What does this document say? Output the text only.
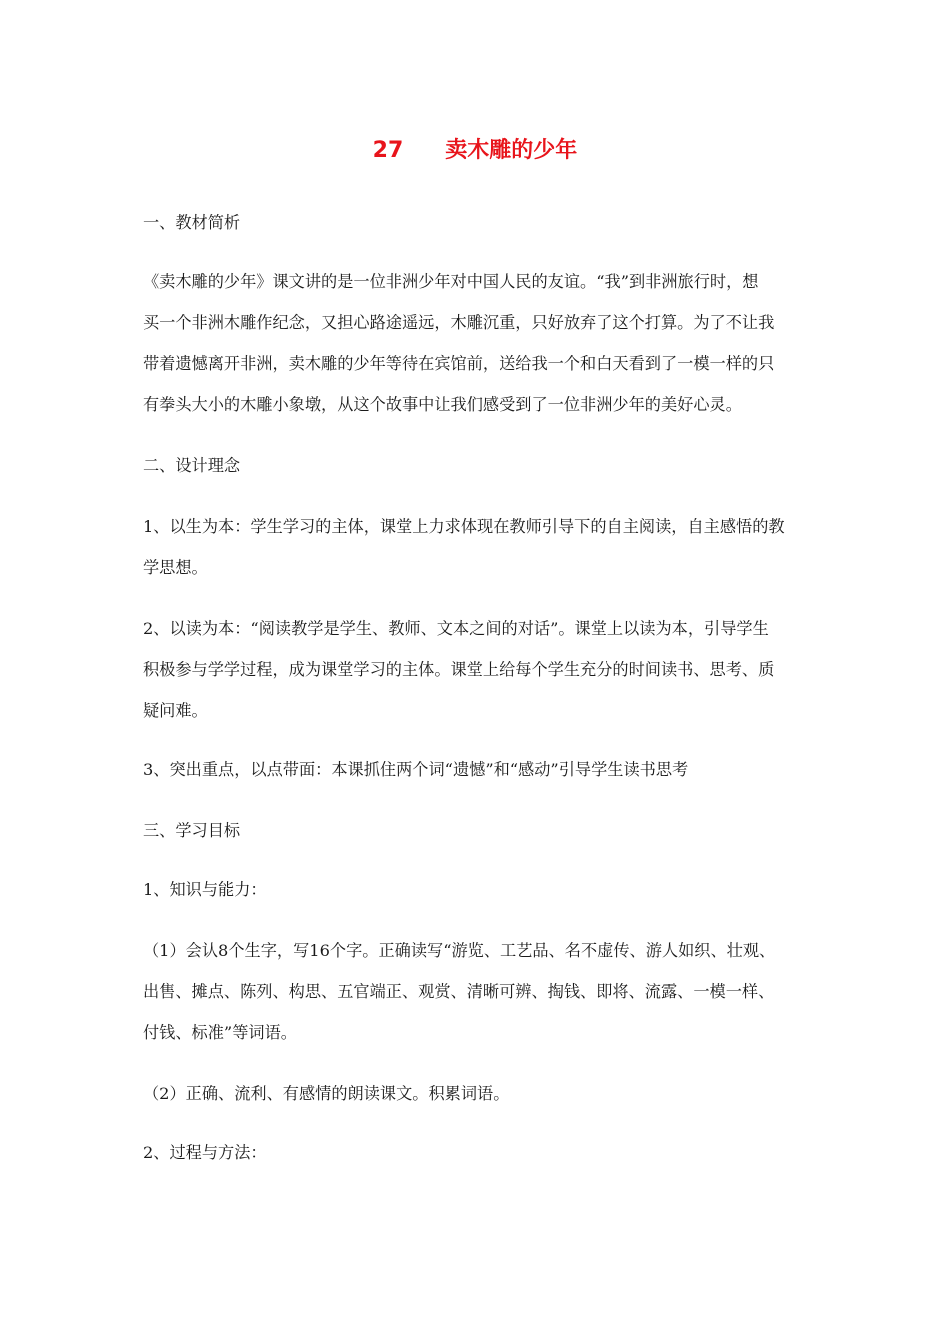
27 卖木雕的少年
一、教材简析
《卖木雕的少年》课文讲的是一位非洲少年对中国人民的友谊。“我”到非洲旅行时，想
买一个非洲木雕作纪念，又担心路途遥远，木雕沉重，只好放弃了这个打算。为了不让我
带着遗憾离开非洲，卖木雕的少年等待在宾馆前，送给我一个和白天看到了一模一样的只
有拳头大小的木雕小象墩，从这个故事中让我们感受到了一位非洲少年的美好心灵。
二、设计理念
1、以生为本：学生学习的主体，课堂上力求体现在教师引导下的自主阅读，自主感悟的教
学思想。
2、以读为本：“阅读教学是学生、教师、文本之间的对话”。课堂上以读为本，引导学生
积极参与学学过程，成为课堂学习的主体。课堂上给每个学生充分的时间读书、思考、质
疑问难。
3、突出重点，以点带面：本课抓住两个词“遗憾”和“感动”引导学生读书思考
三、学习目标
1、知识与能力：
（1）会认8个生字，写16个字。正确读写“游览、工艺品、名不虚传、游人如织、壮观、
出售、摊点、陈列、构思、五官端正、观赏、清晰可辨、掏钱、即将、流露、一模一样、
付钱、标准”等词语。
（2）正确、流利、有感情的朗读课文。积累词语。
2、过程与方法：
